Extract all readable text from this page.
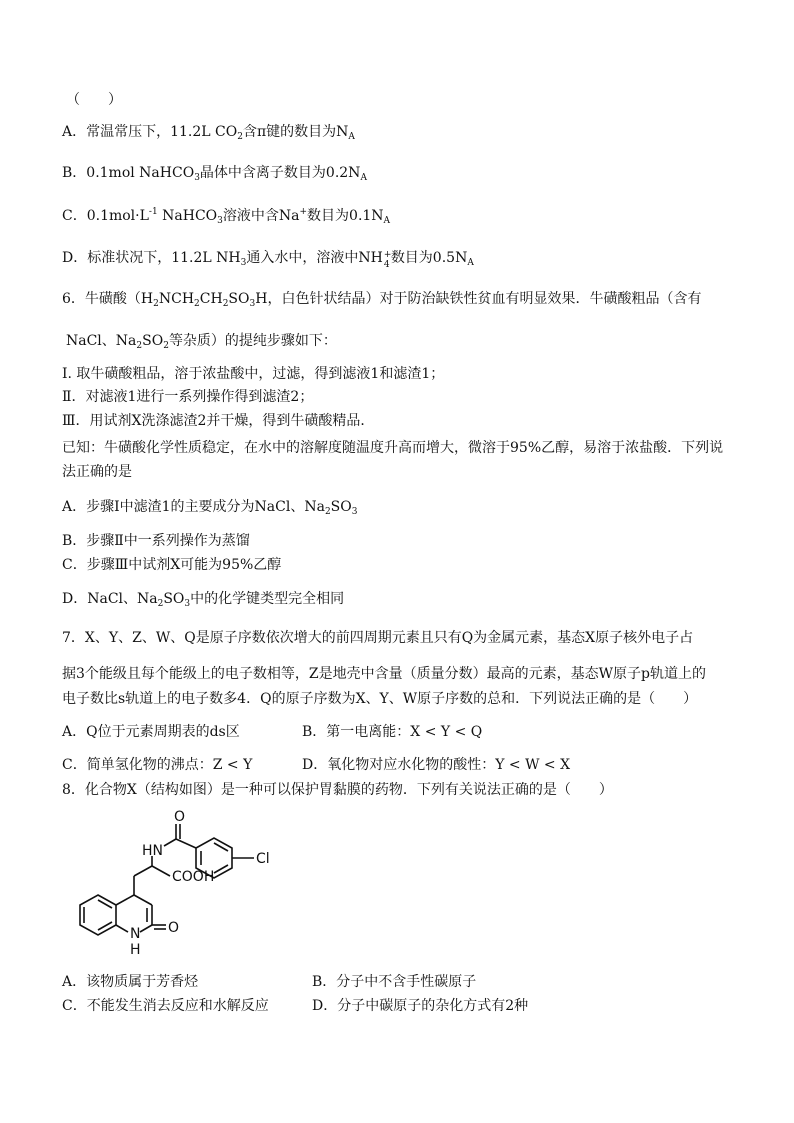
（　　）
A．常温常压下，11.2L $CO_2$含π键的数目为$N_A$
B．0.1mol NaHCO$_3$晶体中含离子数目为$0.2N_A$
C．$0.1mol\cdot L^{-1}$ NaHCO$_3$溶液中含Na+数目为$0.1N_A$
D．标准状况下，11.2L $NH_3$通入水中，溶液中NH +
4 数目为$0.5N_A$
6．牛磺酸（$H_2NCH_2CH_2SO_3H$，白色针状结晶）对于防治缺铁性贫血有明显效果．牛磺酸粗品（含有
NaCl、$Na_2SO_2$等杂质）的提纯步骤如下：
Ⅰ. 取牛磺酸粗品，溶于浓盐酸中，过滤，得到滤液1和滤渣1；
Ⅱ．对滤液1进行一系列操作得到滤渣2；
Ⅲ．用试剂X洗涤滤渣2并干燥，得到牛磺酸精品．
已知：牛磺酸化学性质稳定，在水中的溶解度随温度升高而增大，微溶于95%乙醇，易溶于浓盐酸．下列说
法正确的是
A．步骤Ⅰ中滤渣1的主要成分为NaCl、$Na_2SO_3$
B．步骤Ⅱ中一系列操作为蒸馏
C．步骤Ⅲ中试剂X可能为95%乙醇
D．NaCl、$Na_2SO_3$中的化学键类型完全相同
7．X、Y、Z、W、Q是原子序数依次增大的前四周期元素且只有Q为金属元素，基态X原子核外电子占
据3个能级且每个能级上的电子数相等，Z是地壳中含量（质量分数）最高的元素，基态W原子p轨道上的
电子数比s轨道上的电子数多4．Q的原子序数为X、Y、W原子序数的总和．下列说法正确的是（　　）
A．Q位于元素周期表的ds区	B．第一电离能：X < Y < Q
C．简单氢化物的沸点：Z < Y	D．氧化物对应水化物的酸性：Y < W < X
8．化合物X（结构如图）是一种可以保护胃黏膜的药物．下列有关说法正确的是（　　）
O
HN	Cl
COOH
N
H
O
A．该物质属于芳香烃	B．分子中不含手性碳原子
C．不能发生消去反应和水解反应	D．分子中碳原子的杂化方式有2种
